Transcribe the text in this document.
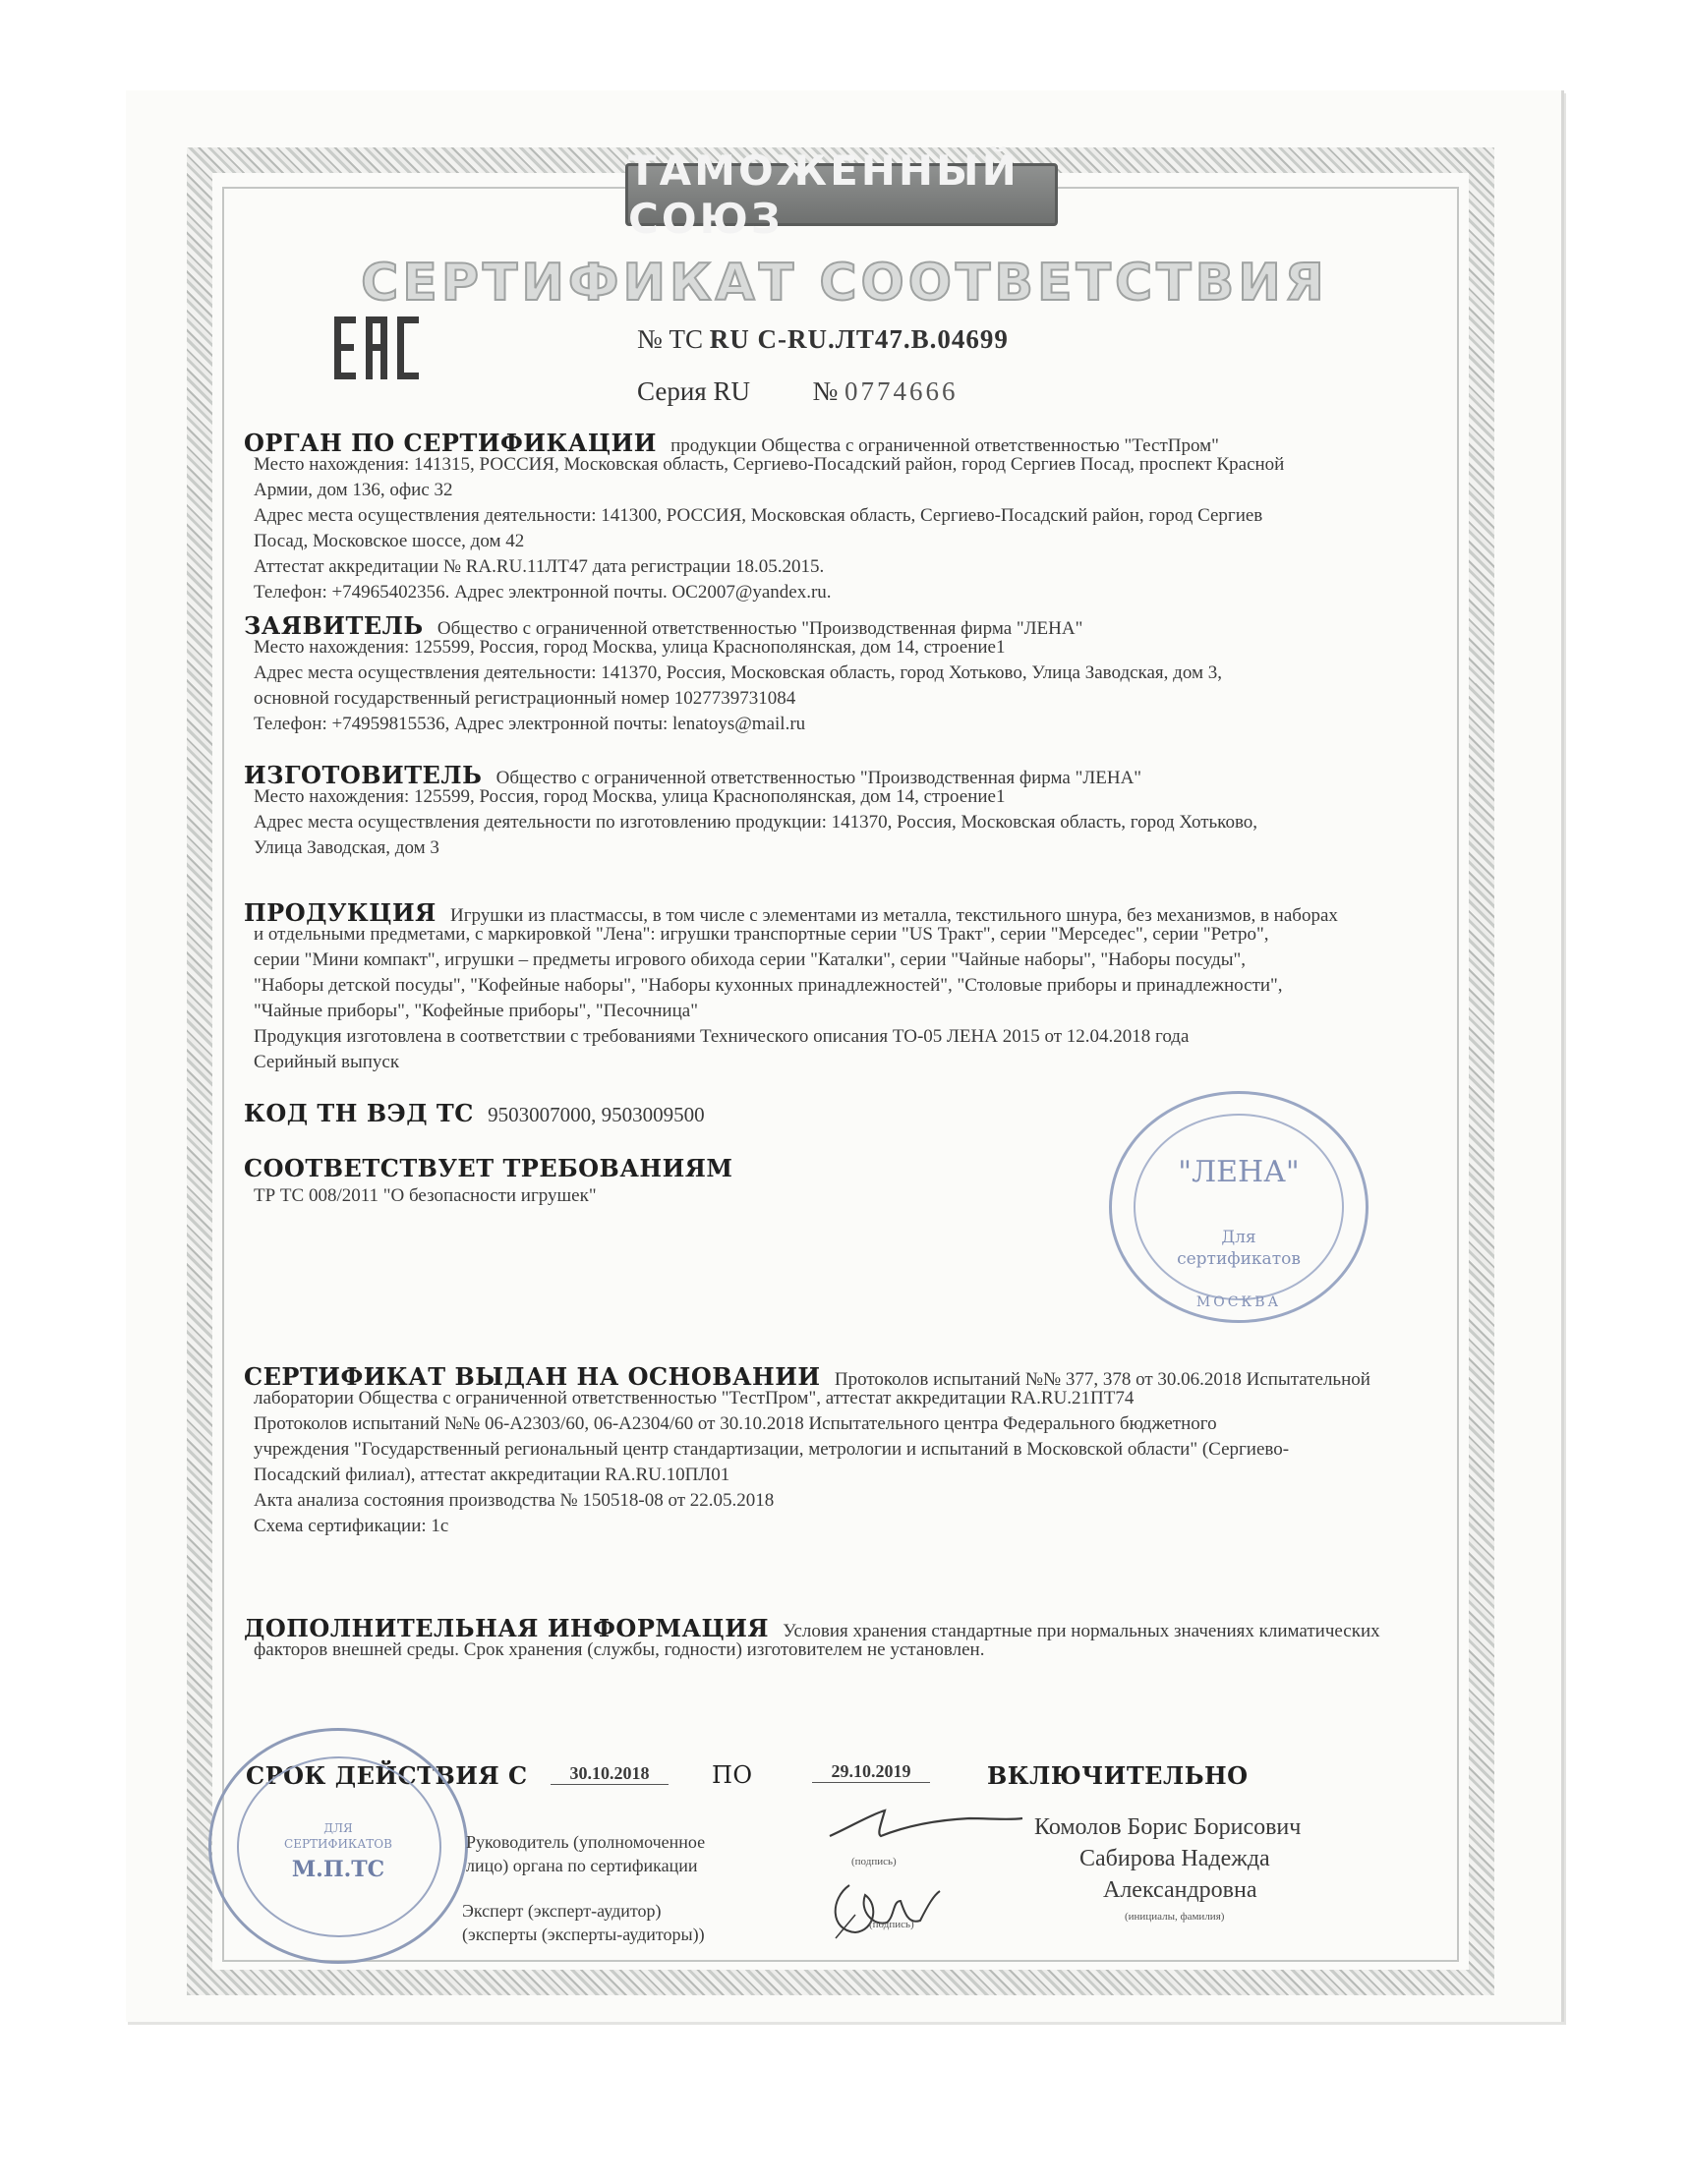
ТАМОЖЕННЫЙ СОЮЗ
СЕРТИФИКАТ СООТВЕТСТВИЯ
№ ТС RU C-RU.ЛТ47.В.04699
Серия RU № 0774666
ОРГАН ПО СЕРТИФИКАЦИИ продукции Общества с ограниченной ответственностью "ТестПром"
Место нахождения: 141315, РОССИЯ, Московская область, Сергиево-Посадский район, город Сергиев Посад, проспект Красной
Армии, дом 136, офис 32
Адрес места осуществления деятельности: 141300, РОССИЯ, Московская область, Сергиево-Посадский район, город Сергиев
Посад, Московское шоссе, дом 42
Аттестат аккредитации № RA.RU.11ЛТ47 дата регистрации 18.05.2015.
Телефон: +74965402356. Адрес электронной почты. OC2007@yandex.ru.
ЗАЯВИТЕЛЬ Общество с ограниченной ответственностью "Производственная фирма "ЛЕНА"
Место нахождения: 125599, Россия, город Москва, улица Краснополянская, дом 14, строение1
Адрес места осуществления деятельности: 141370, Россия, Московская область, город Хотьково, Улица Заводская, дом 3,
основной государственный регистрационный номер 1027739731084
Телефон: +74959815536, Адрес электронной почты: lenatoys@mail.ru
ИЗГОТОВИТЕЛЬ Общество с ограниченной ответственностью "Производственная фирма "ЛЕНА"
Место нахождения: 125599, Россия, город Москва, улица Краснополянская, дом 14, строение1
Адрес места осуществления деятельности по изготовлению продукции: 141370, Россия, Московская область, город Хотьково,
Улица Заводская, дом 3
ПРОДУКЦИЯ Игрушки из пластмассы, в том числе с элементами из металла, текстильного шнура, без механизмов, в наборах
и отдельными предметами, с маркировкой "Лена": игрушки транспортные серии "US Тракт", серии "Мерседес", серии "Ретро",
серии "Мини компакт", игрушки – предметы игрового обихода серии "Каталки", серии "Чайные наборы", "Наборы посуды",
"Наборы детской посуды", "Кофейные наборы", "Наборы кухонных принадлежностей", "Столовые приборы и принадлежности",
"Чайные приборы", "Кофейные приборы", "Песочница"
Продукция изготовлена в соответствии с требованиями Технического описания ТО-05 ЛЕНА 2015 от 12.04.2018 года
Серийный выпуск
КОД ТН ВЭД ТС 9503007000, 9503009500
СООТВЕТСТВУЕТ ТРЕБОВАНИЯМ
ТР ТС 008/2011 "О безопасности игрушек"
"ЛЕНА"
Для
сертификатов
МОСКВА
СЕРТИФИКАТ ВЫДАН НА ОСНОВАНИИ Протоколов испытаний №№ 377, 378 от 30.06.2018 Испытательной
лаборатории Общества с ограниченной ответственностью "ТестПром", аттестат аккредитации RA.RU.21ПТ74
Протоколов испытаний №№ 06-А2303/60, 06-А2304/60 от 30.10.2018 Испытательного центра Федерального бюджетного
учреждения "Государственный региональный центр стандартизации, метрологии и испытаний в Московской области" (Сергиево-
Посадский филиал), аттестат аккредитации RA.RU.10ПЛ01
Акта анализа состояния производства № 150518-08 от 22.05.2018
Схема сертификации: 1с
ДОПОЛНИТЕЛЬНАЯ ИНФОРМАЦИЯ Условия хранения стандартные при нормальных значениях климатических
факторов внешней среды. Срок хранения (службы, годности) изготовителем не установлен.
СРОК ДЕЙСТВИЯ С	30.10.2018	ПО	29.10.2019	ВКЛЮЧИТЕЛЬНО
ДЛЯ
СЕРТИФИКАТОВ
М.П.ТС
Руководитель (уполномоченное
лицо) органа по сертификации
Эксперт (эксперт-аудитор)
(эксперты (эксперты-аудиторы))
(подпись)
(подпись)
Комолов Борис Борисович
Сабирова Надежда
Александровна
(инициалы, фамилия)
